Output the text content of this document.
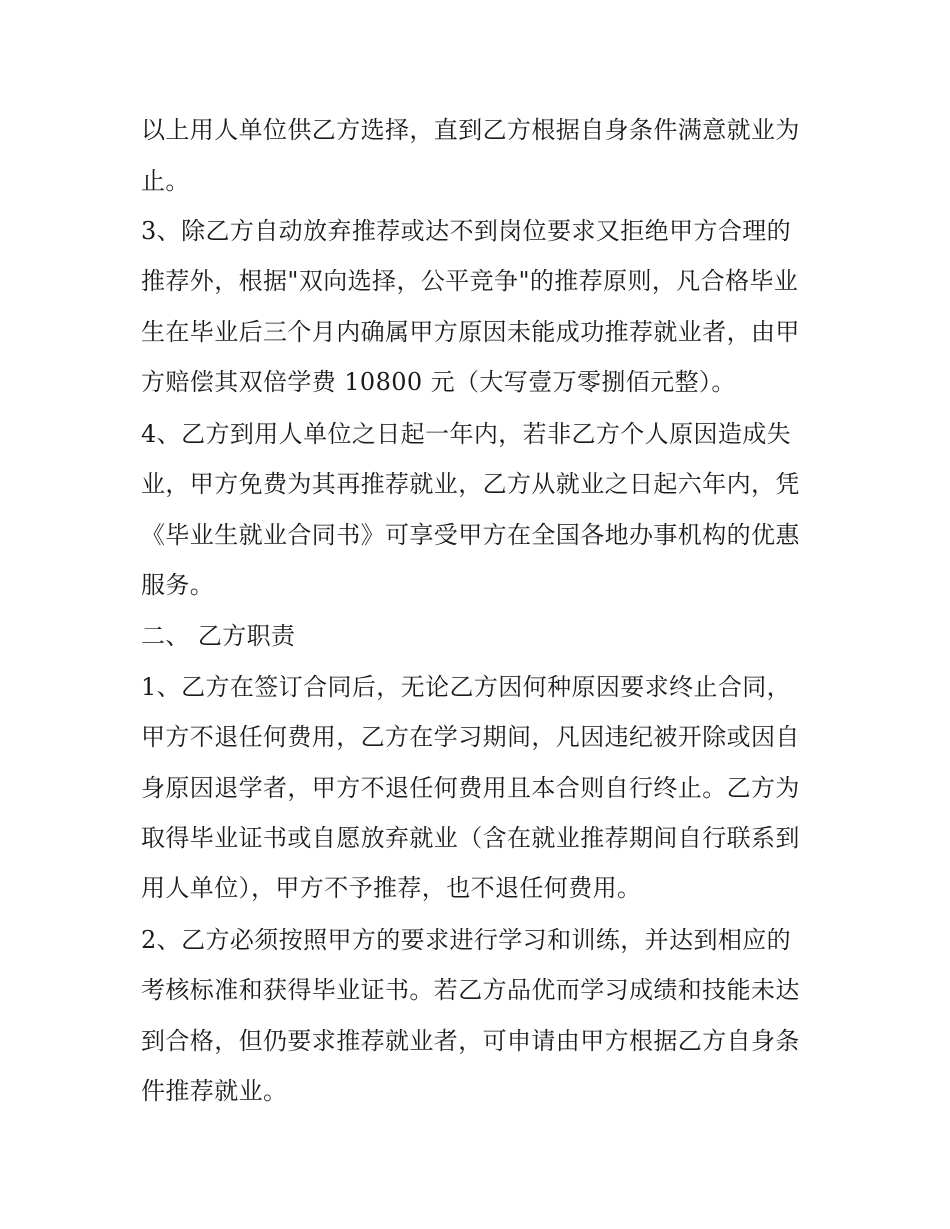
以上用人单位供乙方选择，直到乙方根据自身条件满意就业为
止。
3、除乙方自动放弃推荐或达不到岗位要求又拒绝甲方合理的
推荐外，根据"双向选择，公平竞争"的推荐原则，凡合格毕业
生在毕业后三个月内确属甲方原因未能成功推荐就业者，由甲
方赔偿其双倍学费 10800 元（大写壹万零捌佰元整）。
4、乙方到用人单位之日起一年内，若非乙方个人原因造成失
业，甲方免费为其再推荐就业，乙方从就业之日起六年内，凭
《毕业生就业合同书》可享受甲方在全国各地办事机构的优惠
服务。
二、 乙方职责
1、乙方在签订合同后，无论乙方因何种原因要求终止合同，
甲方不退任何费用，乙方在学习期间，凡因违纪被开除或因自
身原因退学者，甲方不退任何费用且本合则自行终止。乙方为
取得毕业证书或自愿放弃就业（含在就业推荐期间自行联系到
用人单位），甲方不予推荐，也不退任何费用。
2、乙方必须按照甲方的要求进行学习和训练，并达到相应的
考核标准和获得毕业证书。若乙方品优而学习成绩和技能未达
到合格，但仍要求推荐就业者，可申请由甲方根据乙方自身条
件推荐就业。
